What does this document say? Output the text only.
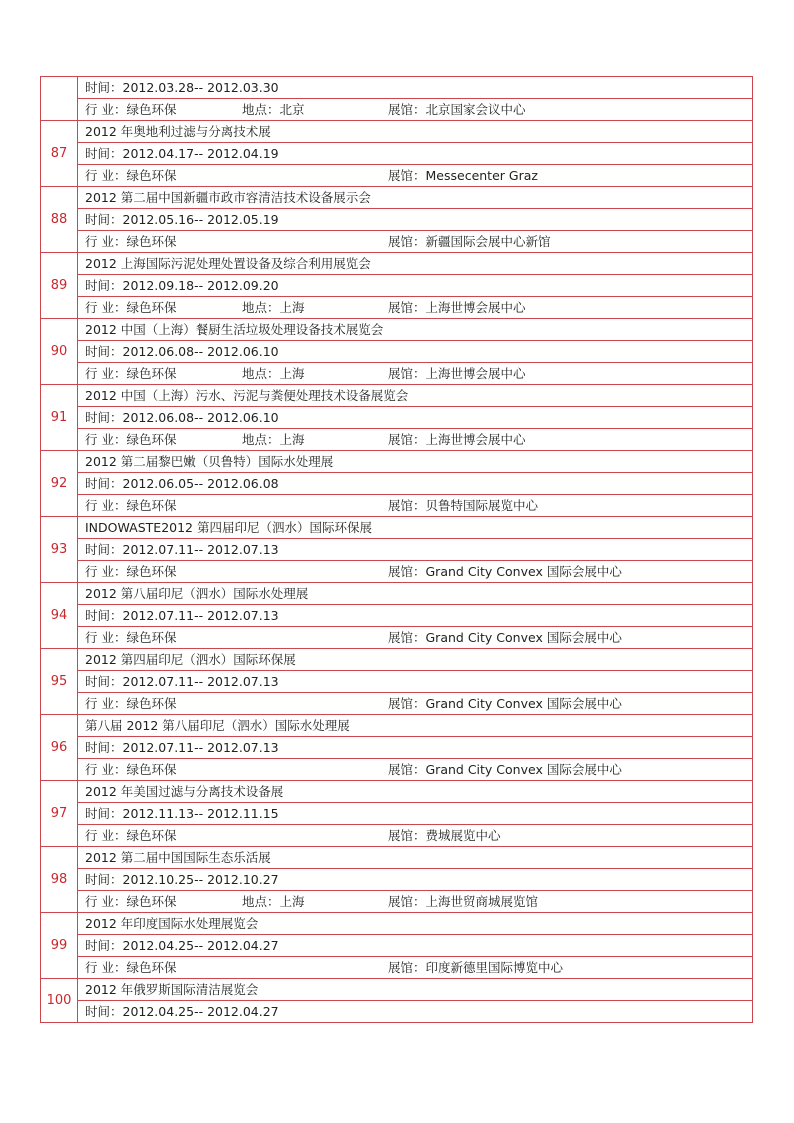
	时间：2012.03.28-- 2012.03.30
	行 业：绿色环保 地点：北京 展馆：北京国家会议中心
87	2012 年奥地利过滤与分离技术展
	时间：2012.04.17-- 2012.04.19
	行 业：绿色环保 展馆：Messecenter Graz
88	2012 第二届中国新疆市政市容清洁技术设备展示会
	时间：2012.05.16-- 2012.05.19
	行 业：绿色环保 展馆：新疆国际会展中心新馆
89	2012 上海国际污泥处理处置设备及综合利用展览会
	时间：2012.09.18-- 2012.09.20
	行 业：绿色环保 地点：上海 展馆：上海世博会展中心
90	2012 中国（上海）餐厨生活垃圾处理设备技术展览会
	时间：2012.06.08-- 2012.06.10
	行 业：绿色环保 地点：上海 展馆：上海世博会展中心
91	2012 中国（上海）污水、污泥与粪便处理技术设备展览会
	时间：2012.06.08-- 2012.06.10
	行 业：绿色环保 地点：上海 展馆：上海世博会展中心
92	2012 第二届黎巴嫩（贝鲁特）国际水处理展
	时间：2012.06.05-- 2012.06.08
	行 业：绿色环保 展馆：贝鲁特国际展览中心
93	INDOWASTE2012 第四届印尼（泗水）国际环保展
	时间：2012.07.11-- 2012.07.13
	行 业：绿色环保 展馆：Grand City Convex 国际会展中心
94	2012 第八届印尼（泗水）国际水处理展
	时间：2012.07.11-- 2012.07.13
	行 业：绿色环保 展馆：Grand City Convex 国际会展中心
95	2012 第四届印尼（泗水）国际环保展
	时间：2012.07.11-- 2012.07.13
	行 业：绿色环保 展馆：Grand City Convex 国际会展中心
96	第八届 2012 第八届印尼（泗水）国际水处理展
	时间：2012.07.11-- 2012.07.13
	行 业：绿色环保 展馆：Grand City Convex 国际会展中心
97	2012 年美国过滤与分离技术设备展
	时间：2012.11.13-- 2012.11.15
	行 业：绿色环保 展馆：费城展览中心
98	2012 第二届中国国际生态乐活展
	时间：2012.10.25-- 2012.10.27
	行 业：绿色环保 地点：上海 展馆：上海世贸商城展览馆
99	2012 年印度国际水处理展览会
	时间：2012.04.25-- 2012.04.27
	行 业：绿色环保 展馆：印度新德里国际博览中心
100	2012 年俄罗斯国际清洁展览会
	时间：2012.04.25-- 2012.04.27
